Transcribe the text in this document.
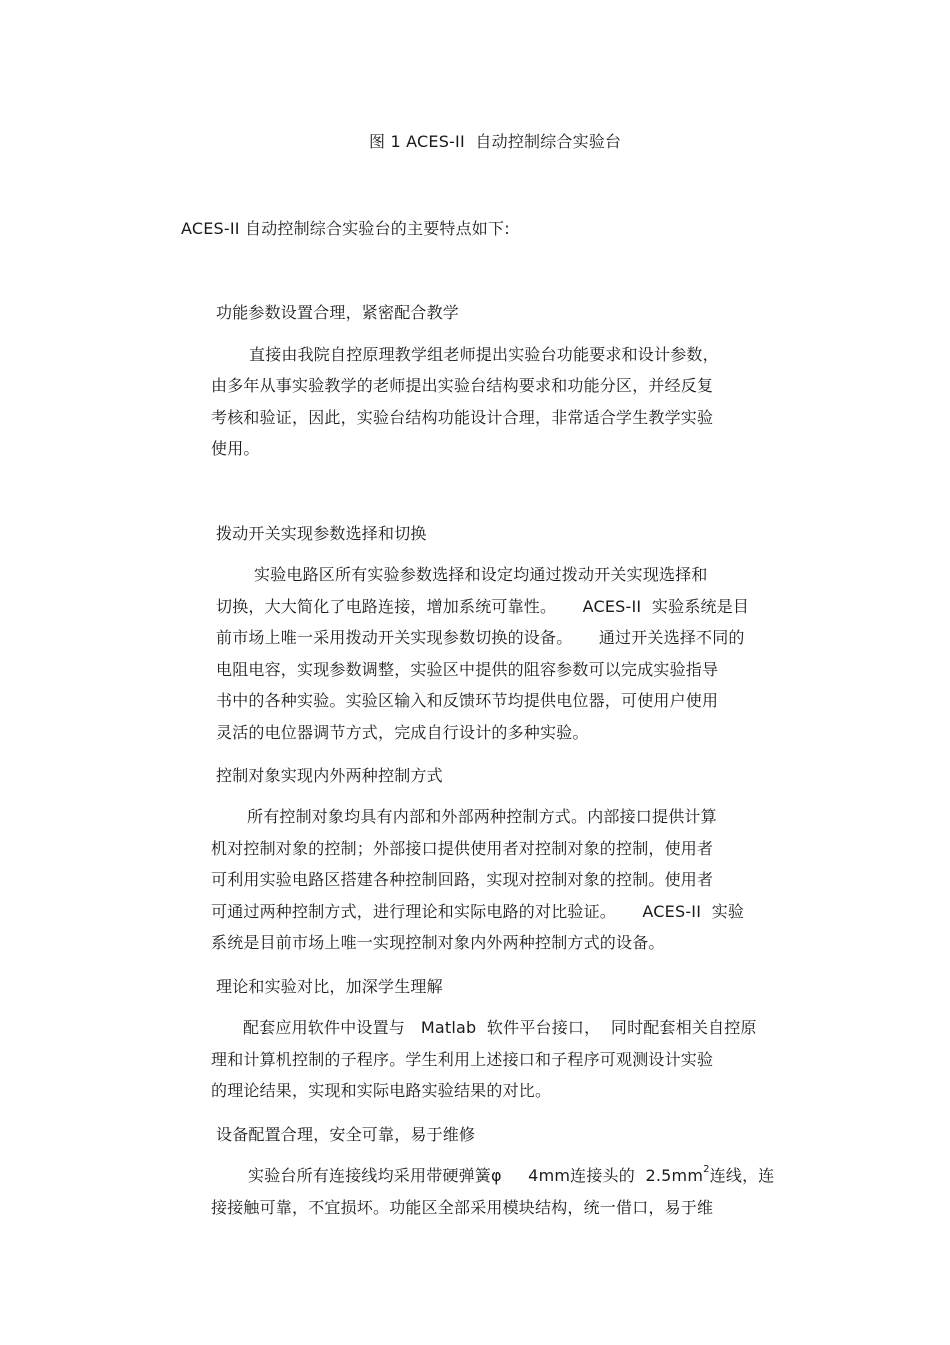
图 1 ACES-II  自动控制综合实验台
ACES-II 自动控制综合实验台的主要特点如下:
功能参数设置合理，紧密配合教学
直接由我院自控原理教学组老师提出实验台功能要求和设计参数，
由多年从事实验教学的老师提出实验台结构要求和功能分区，并经反复
考核和验证，因此，实验台结构功能设计合理，非常适合学生教学实验
使用。
拨动开关实现参数选择和切换
实验电路区所有实验参数选择和设定均通过拨动开关实现选择和
切换，大大简化了电路连接，增加系统可靠性。     ACES-II  实验系统是目
前市场上唯一采用拨动开关实现参数切换的设备。     通过开关选择不同的
电阻电容，实现参数调整，实验区中提供的阻容参数可以完成实验指导
书中的各种实验。实验区输入和反馈环节均提供电位器，可使用户使用
灵活的电位器调节方式，完成自行设计的多种实验。
控制对象实现内外两种控制方式
所有控制对象均具有内部和外部两种控制方式。内部接口提供计算
机对控制对象的控制；外部接口提供使用者对控制对象的控制，使用者
可利用实验电路区搭建各种控制回路，实现对控制对象的控制。使用者
可通过两种控制方式，进行理论和实际电路的对比验证。     ACES-II  实验
系统是目前市场上唯一实现控制对象内外两种控制方式的设备。
理论和实验对比，加深学生理解
配套应用软件中设置与   Matlab  软件平台接口，  同时配套相关自控原
理和计算机控制的子程序。学生利用上述接口和子程序可观测设计实验
的理论结果，实现和实际电路实验结果的对比。
设备配置合理，安全可靠，易于维修
实验台所有连接线均采用带硬弹簧φ     4mm连接头的  $2.5mm^2$连线，连
接接触可靠，不宜损坏。功能区全部采用模块结构，统一借口，易于维
